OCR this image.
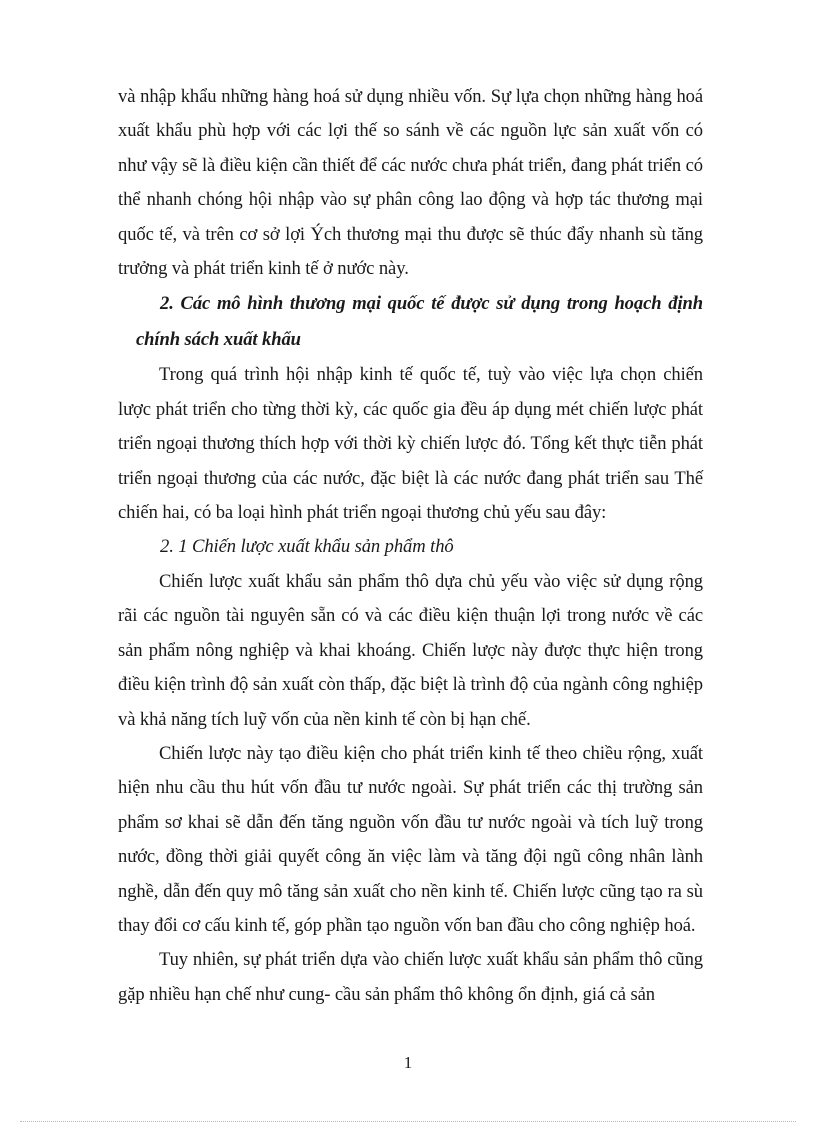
và nhập khẩu những hàng hoá sử dụng nhiều vốn. Sự lựa chọn những hàng hoá xuất khẩu phù hợp với các lợi thế so sánh về các nguồn lực sản xuất vốn có như vậy sẽ là điều kiện cần thiết để các nước chưa phát triển, đang phát triển có thể nhanh chóng hội nhập vào sự phân công lao động và hợp tác thương mại quốc tế, và trên cơ sở lợi Ých thương mại thu được sẽ thúc đẩy nhanh sù tăng trưởng và phát triển kinh tế ở nước này.

2. Các mô hình thương mại quốc tế được sử dụng trong hoạch định chính sách xuất khẩu

Trong quá trình hội nhập kinh tế quốc tế, tuỳ vào việc lựa chọn chiến lược phát triển cho từng thời kỳ, các quốc gia đều áp dụng mét chiến lược phát triển ngoại thương thích hợp với thời kỳ chiến lược đó. Tổng kết thực tiễn phát triển ngoại thương của các nước, đặc biệt là các nước đang phát triển sau Thế chiến hai, có ba loại hình phát triển ngoại thương chủ yếu sau đây:

2. 1 Chiến lược xuất khẩu sản phẩm thô

Chiến lược xuất khẩu sản phẩm thô dựa chủ yếu vào việc sử dụng rộng rãi các nguồn tài nguyên sẵn có và các điều kiện thuận lợi trong nước về các sản phẩm nông nghiệp và khai khoáng. Chiến lược này được thực hiện trong điều kiện trình độ sản xuất còn thấp, đặc biệt là trình độ của ngành công nghiệp và khả năng tích luỹ vốn của nền kinh tế còn bị hạn chế.

Chiến lược này tạo điều kiện cho phát triển kinh tế theo chiều rộng, xuất hiện nhu cầu thu hút vốn đầu tư nước ngoài. Sự phát triển các thị trường sản phẩm sơ khai sẽ dẫn đến tăng nguồn vốn đầu tư nước ngoài và tích luỹ trong nước, đồng thời giải quyết công ăn việc làm và tăng đội ngũ công nhân lành nghề, dẫn đến quy mô tăng sản xuất cho nền kinh tế. Chiến lược cũng tạo ra sù thay đổi cơ cấu kinh tế, góp phần tạo nguồn vốn ban đầu cho công nghiệp hoá.

Tuy nhiên, sự phát triển dựa vào chiến lược xuất khẩu sản phẩm thô cũng gặp nhiều hạn chế như cung- cầu sản phẩm thô không ổn định, giá cả sản

1
